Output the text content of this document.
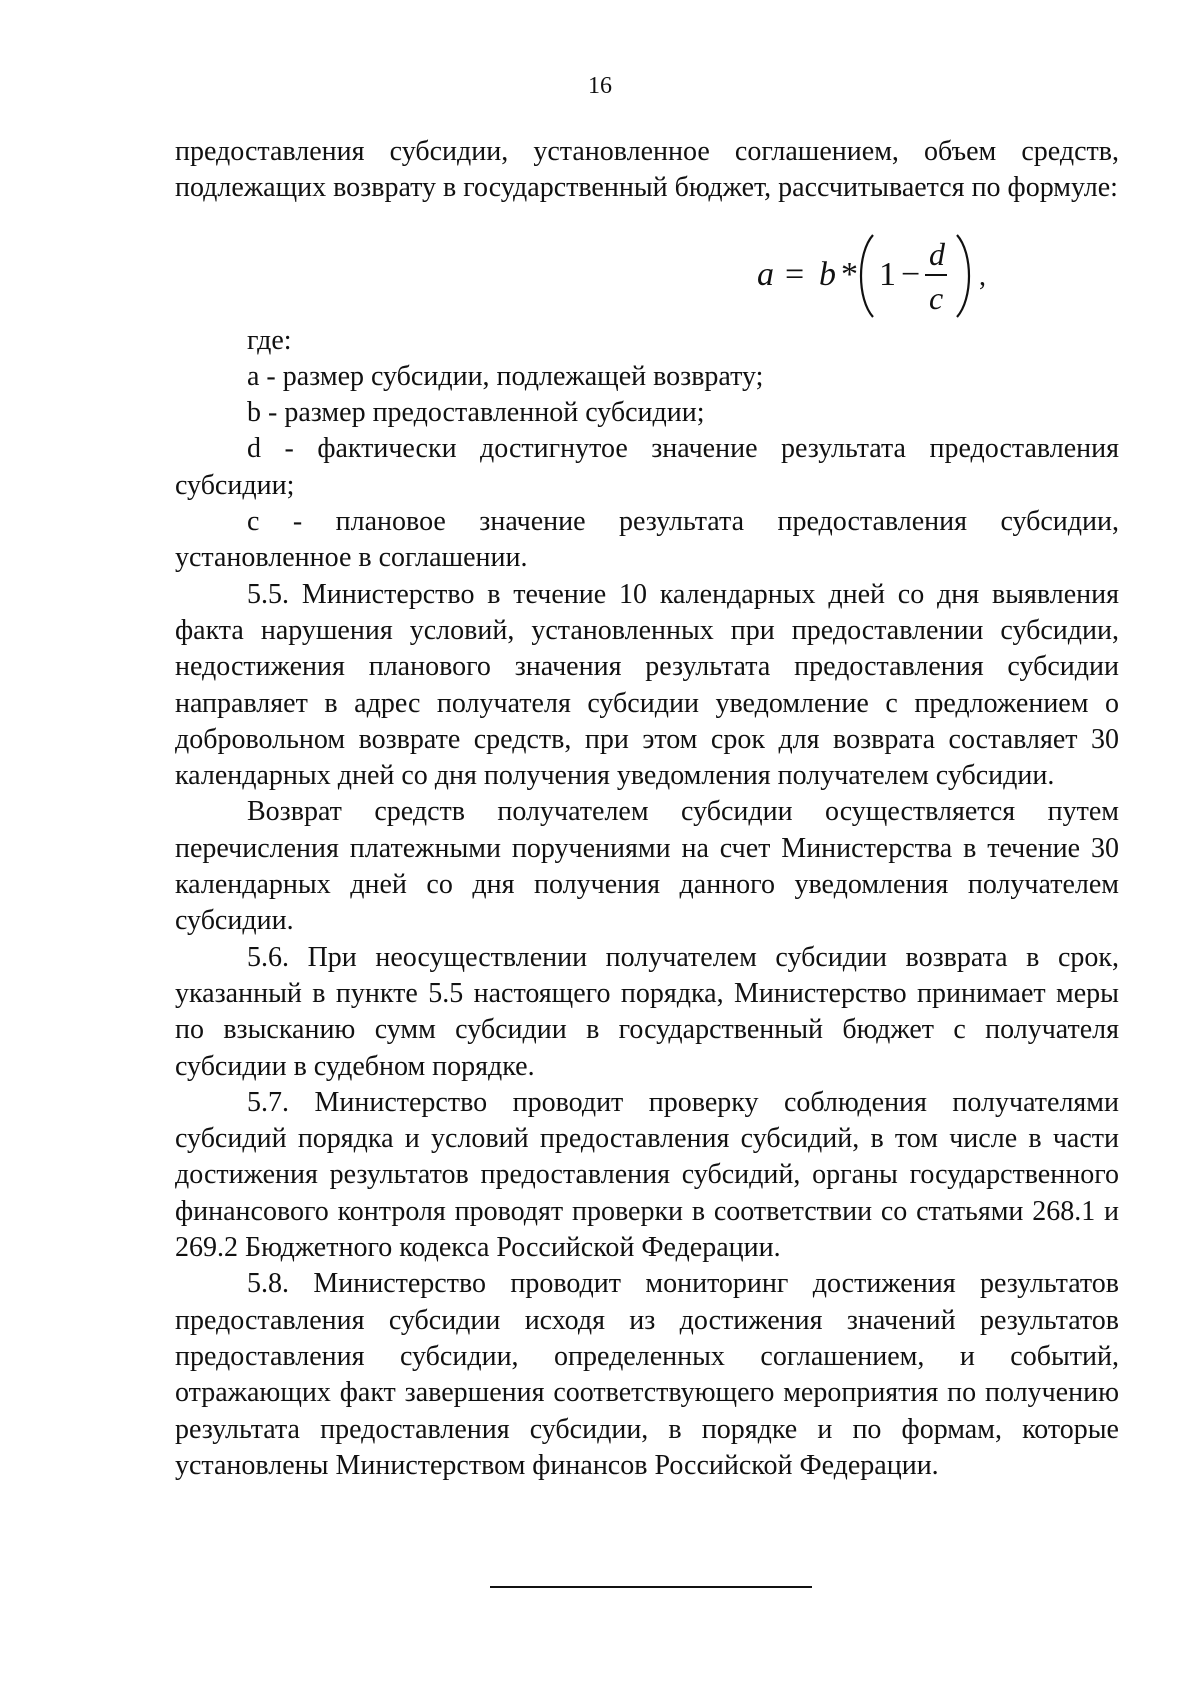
16

предоставления субсидии, установленное соглашением, объем средств, подлежащих возврату в государственный бюджет, рассчитывается по формуле:

a = b * 1 −
d
c
,

где:

a - размер субсидии, подлежащей возврату;

b - размер предоставленной субсидии;

d - фактически достигнутое значение результата предоставления субсидии;

c - плановое значение результата предоставления субсидии, установленное в соглашении.

5.5. Министерство в течение 10 календарных дней со дня выявления факта нарушения условий, установленных при предоставлении субсидии, недостижения планового значения результата предоставления субсидии направляет в адрес получателя субсидии уведомление с предложением о добровольном возврате средств, при этом срок для возврата составляет 30 календарных дней со дня получения уведомления получателем субсидии.

Возврат средств получателем субсидии осуществляется путем перечисления платежными поручениями на счет Министерства в течение 30 календарных дней со дня получения данного уведомления получателем субсидии.

5.6. При неосуществлении получателем субсидии возврата в срок, указанный в пункте 5.5 настоящего порядка, Министерство принимает меры по взысканию сумм субсидии в государственный бюджет с получателя субсидии в судебном порядке.

5.7. Министерство проводит проверку соблюдения получателями субсидий порядка и условий предоставления субсидий, в том числе в части достижения результатов предоставления субсидий, органы государственного финансового контроля проводят проверки в соответствии со статьями 268.1 и 269.2 Бюджетного кодекса Российской Федерации.

5.8. Министерство проводит мониторинг достижения результатов предоставления субсидии исходя из достижения значений результатов предоставления субсидии, определенных соглашением, и событий, отражающих факт завершения соответствующего мероприятия по получению результата предоставления субсидии, в порядке и по формам, которые установлены Министерством финансов Российской Федерации.
